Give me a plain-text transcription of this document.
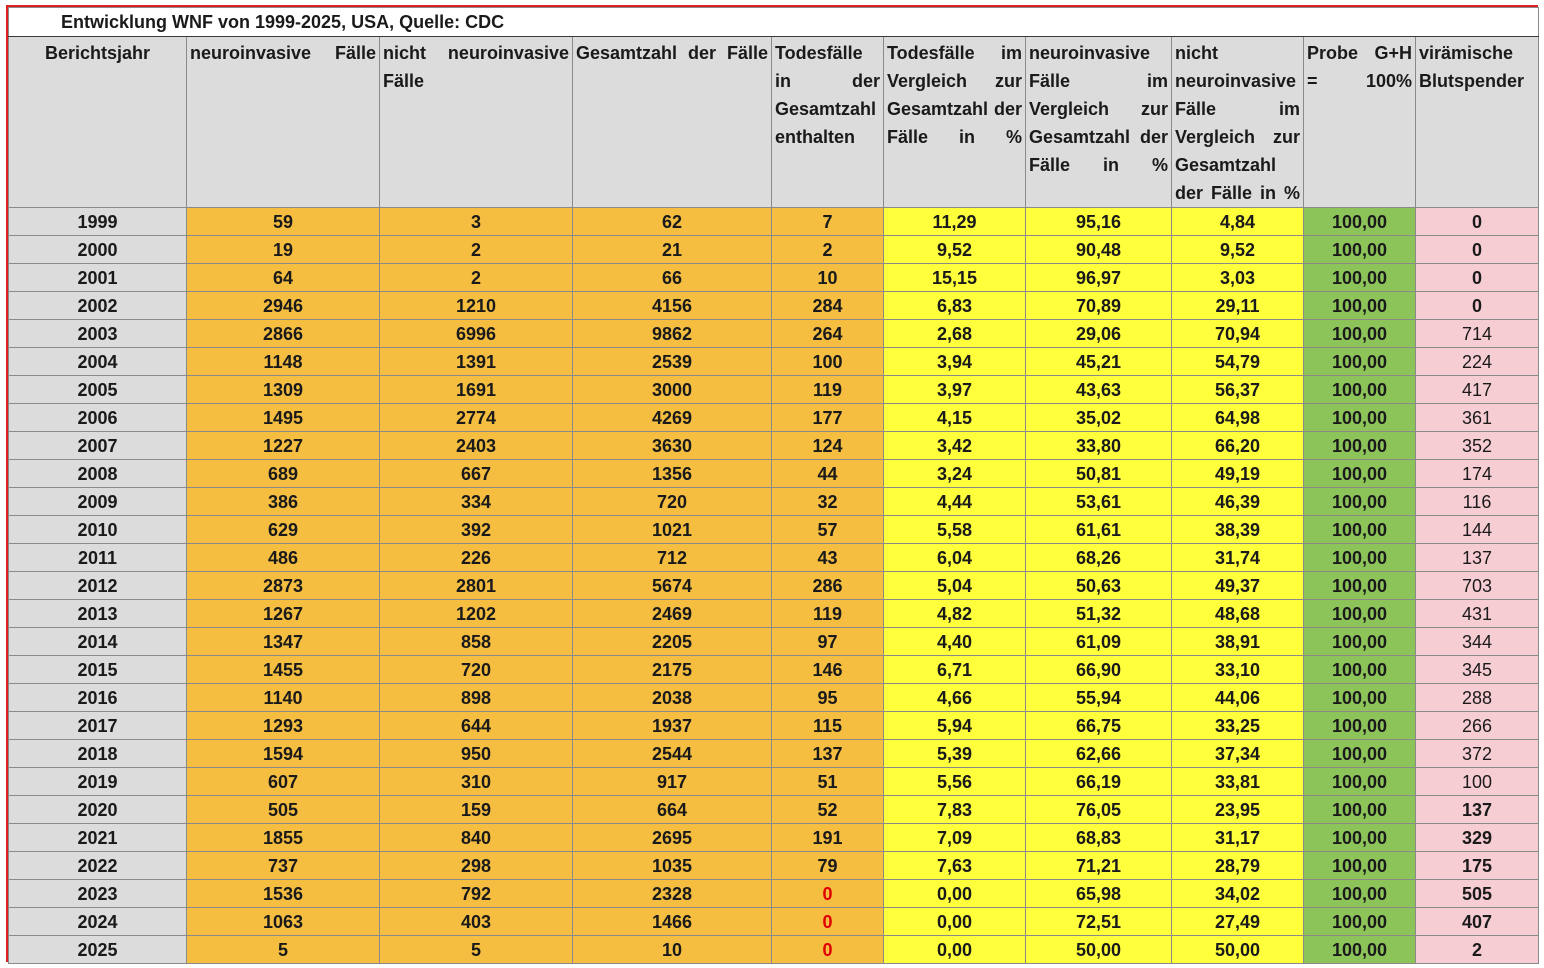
Entwicklung WNF von 1999-2025, USA, Quelle: CDC									
Berichtsjahr	neuroinvasive Fälle	nicht neuroinvasive Fälle	Gesamtzahl der Fälle	Todesfälle in der Gesamtzahl enthalten	Todesfälle im Vergleich zur Gesamtzahl der Fälle in %	neuroinvasive Fälle im Vergleich zur Gesamtzahl der Fälle in %	nicht neuroinvasive Fälle im Vergleich zur Gesamtzahl der Fälle in %	Probe G+H = 100%	virämische Blutspender
1999	59	3	62	7	11,29	95,16	4,84	100,00	0
2000	19	2	21	2	9,52	90,48	9,52	100,00	0
2001	64	2	66	10	15,15	96,97	3,03	100,00	0
2002	2946	1210	4156	284	6,83	70,89	29,11	100,00	0
2003	2866	6996	9862	264	2,68	29,06	70,94	100,00	714
2004	1148	1391	2539	100	3,94	45,21	54,79	100,00	224
2005	1309	1691	3000	119	3,97	43,63	56,37	100,00	417
2006	1495	2774	4269	177	4,15	35,02	64,98	100,00	361
2007	1227	2403	3630	124	3,42	33,80	66,20	100,00	352
2008	689	667	1356	44	3,24	50,81	49,19	100,00	174
2009	386	334	720	32	4,44	53,61	46,39	100,00	116
2010	629	392	1021	57	5,58	61,61	38,39	100,00	144
2011	486	226	712	43	6,04	68,26	31,74	100,00	137
2012	2873	2801	5674	286	5,04	50,63	49,37	100,00	703
2013	1267	1202	2469	119	4,82	51,32	48,68	100,00	431
2014	1347	858	2205	97	4,40	61,09	38,91	100,00	344
2015	1455	720	2175	146	6,71	66,90	33,10	100,00	345
2016	1140	898	2038	95	4,66	55,94	44,06	100,00	288
2017	1293	644	1937	115	5,94	66,75	33,25	100,00	266
2018	1594	950	2544	137	5,39	62,66	37,34	100,00	372
2019	607	310	917	51	5,56	66,19	33,81	100,00	100
2020	505	159	664	52	7,83	76,05	23,95	100,00	137
2021	1855	840	2695	191	7,09	68,83	31,17	100,00	329
2022	737	298	1035	79	7,63	71,21	28,79	100,00	175
2023	1536	792	2328	0	0,00	65,98	34,02	100,00	505
2024	1063	403	1466	0	0,00	72,51	27,49	100,00	407
2025	5	5	10	0	0,00	50,00	50,00	100,00	2
